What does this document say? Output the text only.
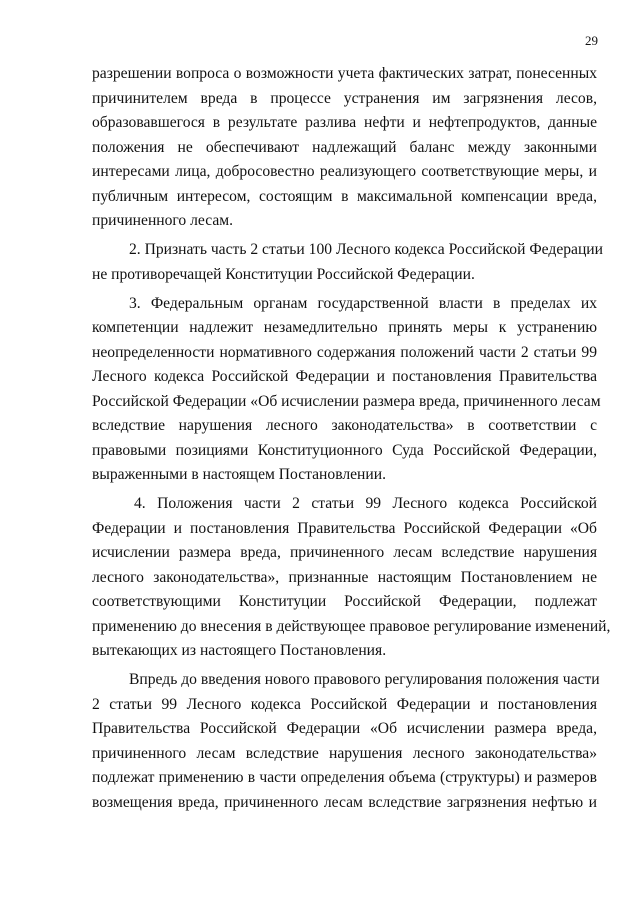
29

разрешении вопроса о возможности учета фактических затрат, понесенных
причинителем вреда в процессе устранения им загрязнения лесов,
образовавшегося в результате разлива нефти и нефтепродуктов, данные
положения не обеспечивают надлежащий баланс между законными
интересами лица, добросовестно реализующего соответствующие меры, и
публичным интересом, состоящим в максимальной компенсации вреда,
причиненного лесам.

2. Признать часть 2 статьи 100 Лесного кодекса Российской Федерации
не противоречащей Конституции Российской Федерации.

3. Федеральным органам государственной власти в пределах их
компетенции надлежит незамедлительно принять меры к устранению
неопределенности нормативного содержания положений части 2 статьи 99
Лесного кодекса Российской Федерации и постановления Правительства
Российской Федерации «Об исчислении размера вреда, причиненного лесам
вследствие нарушения лесного законодательства» в соответствии с
правовыми позициями Конституционного Суда Российской Федерации,
выраженными в настоящем Постановлении.

4. Положения части 2 статьи 99 Лесного кодекса Российской
Федерации и постановления Правительства Российской Федерации «Об
исчислении размера вреда, причиненного лесам вследствие нарушения
лесного законодательства», признанные настоящим Постановлением не
соответствующими Конституции Российской Федерации, подлежат
применению до внесения в действующее правовое регулирование изменений,
вытекающих из настоящего Постановления.

Впредь до введения нового правового регулирования положения части
2 статьи 99 Лесного кодекса Российской Федерации и постановления
Правительства Российской Федерации «Об исчислении размера вреда,
причиненного лесам вследствие нарушения лесного законодательства»
подлежат применению в части определения объема (структуры) и размеров
возмещения вреда, причиненного лесам вследствие загрязнения нефтью и
